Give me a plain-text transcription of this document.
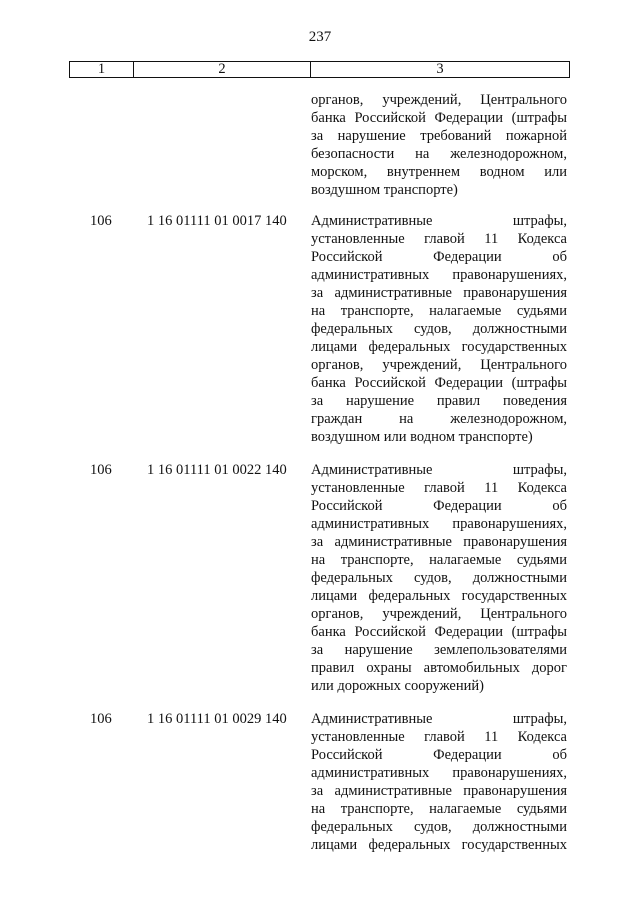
237
1	2	3
органов, учреждений, Центрального
банка Российской Федерации (штрафы
за нарушение требований пожарной
безопасности на железнодорожном,
морском, внутреннем водном или
воздушном транспорте)
106	1 16 01111 01 0017 140	Административные штрафы,
установленные главой 11 Кодекса
Российской Федерации об
административных правонарушениях,
за административные правонарушения
на транспорте, налагаемые судьями
федеральных судов, должностными
лицами федеральных государственных
органов, учреждений, Центрального
банка Российской Федерации (штрафы
за нарушение правил поведения
граждан на железнодорожном,
воздушном или водном транспорте)
106	1 16 01111 01 0022 140	Административные штрафы,
установленные главой 11 Кодекса
Российской Федерации об
административных правонарушениях,
за административные правонарушения
на транспорте, налагаемые судьями
федеральных судов, должностными
лицами федеральных государственных
органов, учреждений, Центрального
банка Российской Федерации (штрафы
за нарушение землепользователями
правил охраны автомобильных дорог
или дорожных сооружений)
106	1 16 01111 01 0029 140	Административные штрафы,
установленные главой 11 Кодекса
Российской Федерации об
административных правонарушениях,
за административные правонарушения
на транспорте, налагаемые судьями
федеральных судов, должностными
лицами федеральных государственных
